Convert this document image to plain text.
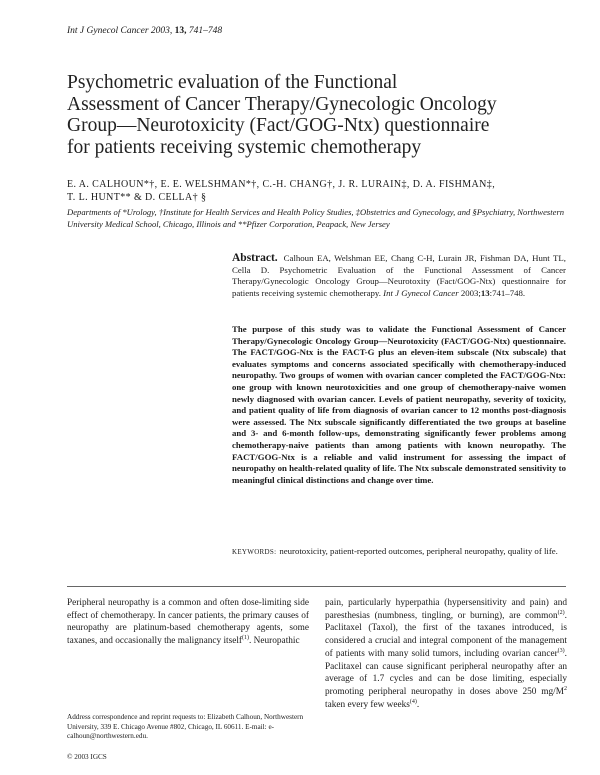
Int J Gynecol Cancer 2003, 13, 741–748
Psychometric evaluation of the Functional
Assessment of Cancer Therapy/Gynecologic Oncology
Group—Neurotoxicity (Fact/GOG-Ntx) questionnaire
for patients receiving systemic chemotherapy
E. A. CALHOUN*†, E. E. WELSHMAN*†, C.-H. CHANG†, J. R. LURAIN‡, D. A. FISHMAN‡,
T. L. HUNT** & D. CELLA† §
Departments of *Urology, †Institute for Health Services and Health Policy Studies, ‡Obstetrics and Gynecology, and §Psychiatry, Northwestern University Medical School, Chicago, Illinois and **Pfizer Corporation, Peapack, New Jersey
Abstract. Calhoun EA, Welshman EE, Chang C-H, Lurain JR, Fishman DA, Hunt TL, Cella D. Psychometric Evaluation of the Functional Assessment of Cancer Therapy/Gynecologic Oncology Group—Neurotoxity (Fact/GOG-Ntx) questionnaire for patients receiving systemic chemotherapy. Int J Gynecol Cancer 2003;13:741–748.
The purpose of this study was to validate the Functional Assessment of Cancer Therapy/Gynecologic Oncology Group—Neurotoxicity (FACT/GOG-Ntx) questionnaire. The FACT/GOG-Ntx is the FACT-G plus an eleven-item subscale (Ntx subscale) that evaluates symptoms and concerns associated specifically with chemotherapy-induced neuropathy. Two groups of women with ovarian cancer completed the FACT/GOG-Ntx: one group with known neurotoxicities and one group of chemotherapy-naive women newly diagnosed with ovarian cancer. Levels of patient neuropathy, severity of toxicity, and patient quality of life from diagnosis of ovarian cancer to 12 months post-diagnosis were assessed. The Ntx subscale significantly differentiated the two groups at baseline and 3- and 6-month follow-ups, demonstrating significantly fewer problems among chemotherapy-naive patients than among patients with known neuropathy. The FACT/GOG-Ntx is a reliable and valid instrument for assessing the impact of neuropathy on health-related quality of life. The Ntx subscale demonstrated sensitivity to meaningful clinical distinctions and change over time.
KEYWORDS: neurotoxicity, patient-reported outcomes, peripheral neuropathy, quality of life.
Peripheral neuropathy is a common and often dose-limiting side effect of chemotherapy. In cancer patients, the primary causes of neuropathy are platinum-based chemotherapy agents, some taxanes, and occasionally the malignancy itself$^{(1)}$. Neuropathic
pain, particularly hyperpathia (hypersensitivity and pain) and paresthesias (numbness, tingling, or burning), are common$^{(2)}$. Paclitaxel (Taxol), the first of the taxanes introduced, is considered a crucial and integral component of the management of patients with many solid tumors, including ovarian cancer$^{(3)}$. Paclitaxel can cause significant peripheral neuropathy after an average of 1.7 cycles and can be dose limiting, especially promoting peripheral neuropathy in doses above 250 $mg/M^2$ taken every few weeks$^{(4)}$.
Address correspondence and reprint requests to: Elizabeth Calhoun, Northwestern University, 339 E. Chicago Avenue #802, Chicago, IL 60611. E-mail: e-calhoun@northwestern.edu.
© 2003 IGCS
